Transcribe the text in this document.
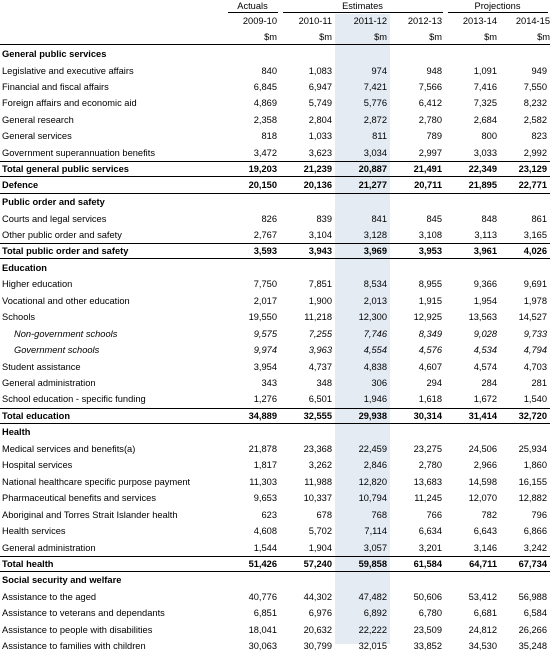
Actuals	Estimates	Projections
2009-10	2010-11	2011-12	2012-13	2013-14	2014-15
$m	$m	$m	$m	$m	$m
General public services
Legislative and executive affairs	840	1,083	974	948	1,091	949
Financial and fiscal affairs	6,845	6,947	7,421	7,566	7,416	7,550
Foreign affairs and economic aid	4,869	5,749	5,776	6,412	7,325	8,232
General research	2,358	2,804	2,872	2,780	2,684	2,582
General services	818	1,033	811	789	800	823
Government superannuation benefits	3,472	3,623	3,034	2,997	3,033	2,992
Total general public services	19,203	21,239	20,887	21,491	22,349	23,129
Defence	20,150	20,136	21,277	20,711	21,895	22,771
Public order and safety
Courts and legal services	826	839	841	845	848	861
Other public order and safety	2,767	3,104	3,128	3,108	3,113	3,165
Total public order and safety	3,593	3,943	3,969	3,953	3,961	4,026
Education
Higher education	7,750	7,851	8,534	8,955	9,366	9,691
Vocational and other education	2,017	1,900	2,013	1,915	1,954	1,978
Schools	19,550	11,218	12,300	12,925	13,563	14,527
Non-government schools	9,575	7,255	7,746	8,349	9,028	9,733
Government schools	9,974	3,963	4,554	4,576	4,534	4,794
Student assistance	3,954	4,737	4,838	4,607	4,574	4,703
General administration	343	348	306	294	284	281
School education - specific funding	1,276	6,501	1,946	1,618	1,672	1,540
Total education	34,889	32,555	29,938	30,314	31,414	32,720
Health
Medical services and benefits(a)	21,878	23,368	22,459	23,275	24,506	25,934
Hospital services	1,817	3,262	2,846	2,780	2,966	1,860
National healthcare specific purpose payment	11,303	11,988	12,820	13,683	14,598	16,155
Pharmaceutical benefits and services	9,653	10,337	10,794	11,245	12,070	12,882
Aboriginal and Torres Strait Islander health	623	678	768	766	782	796
Health services	4,608	5,702	7,114	6,634	6,643	6,866
General administration	1,544	1,904	3,057	3,201	3,146	3,242
Total health	51,426	57,240	59,858	61,584	64,711	67,734
Social security and welfare
Assistance to the aged	40,776	44,302	47,482	50,606	53,412	56,988
Assistance to veterans and dependants	6,851	6,976	6,892	6,780	6,681	6,584
Assistance to people with disabilities	18,041	20,632	22,222	23,509	24,812	26,266
Assistance to families with children	30,063	30,799	32,015	33,852	34,530	35,248
